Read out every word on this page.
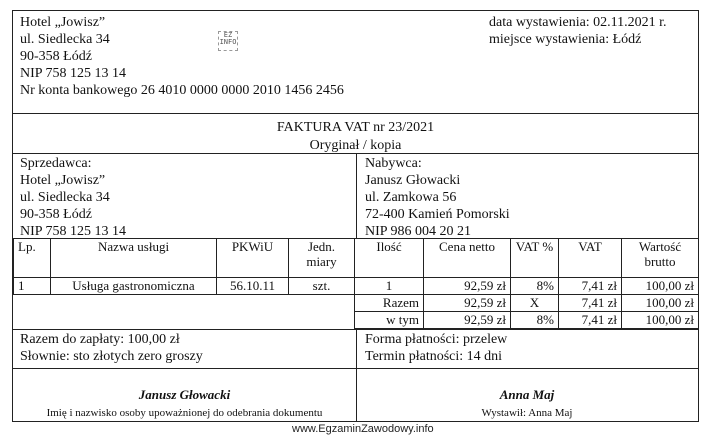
Hotel „Jowisz”
ul. Siedlecka 34
90-358 Łódź
NIP 758 125 13 14
Nr konta bankowego 26 4010 0000 0000 2010 1456 2456
EZ INFO
data wystawienia: 02.11.2021 r.
miejsce wystawienia: Łódź
FAKTURA VAT nr 23/2021
Oryginał / kopia
Sprzedawca:
Hotel „Jowisz”
ul. Siedlecka 34
90-358 Łódź
NIP 758 125 13 14
Nabywca:
Janusz Głowacki
ul. Zamkowa 56
72-400 Kamień Pomorski
NIP 986 004 20 21
Lp.	Nazwa usługi	PKWiU	Jedn. miary	Ilość	Cena netto	VAT %	VAT	Wartość brutto
1	Usługa gastronomiczna	56.10.11	szt.	1	92,59 zł	8%	7,41 zł	100,00 zł
				Razem	92,59 zł	X	7,41 zł	100,00 zł
				w tym	92,59 zł	8%	7,41 zł	100,00 zł
Razem do zapłaty: 100,00 zł
Słownie: sto złotych zero groszy
Forma płatności: przelew
Termin płatności: 14 dni
Janusz Głowacki
Imię i nazwisko osoby upoważnionej do odebrania dokumentu
Anna Maj
Wystawił: Anna Maj
www.EgzaminZawodowy.info
